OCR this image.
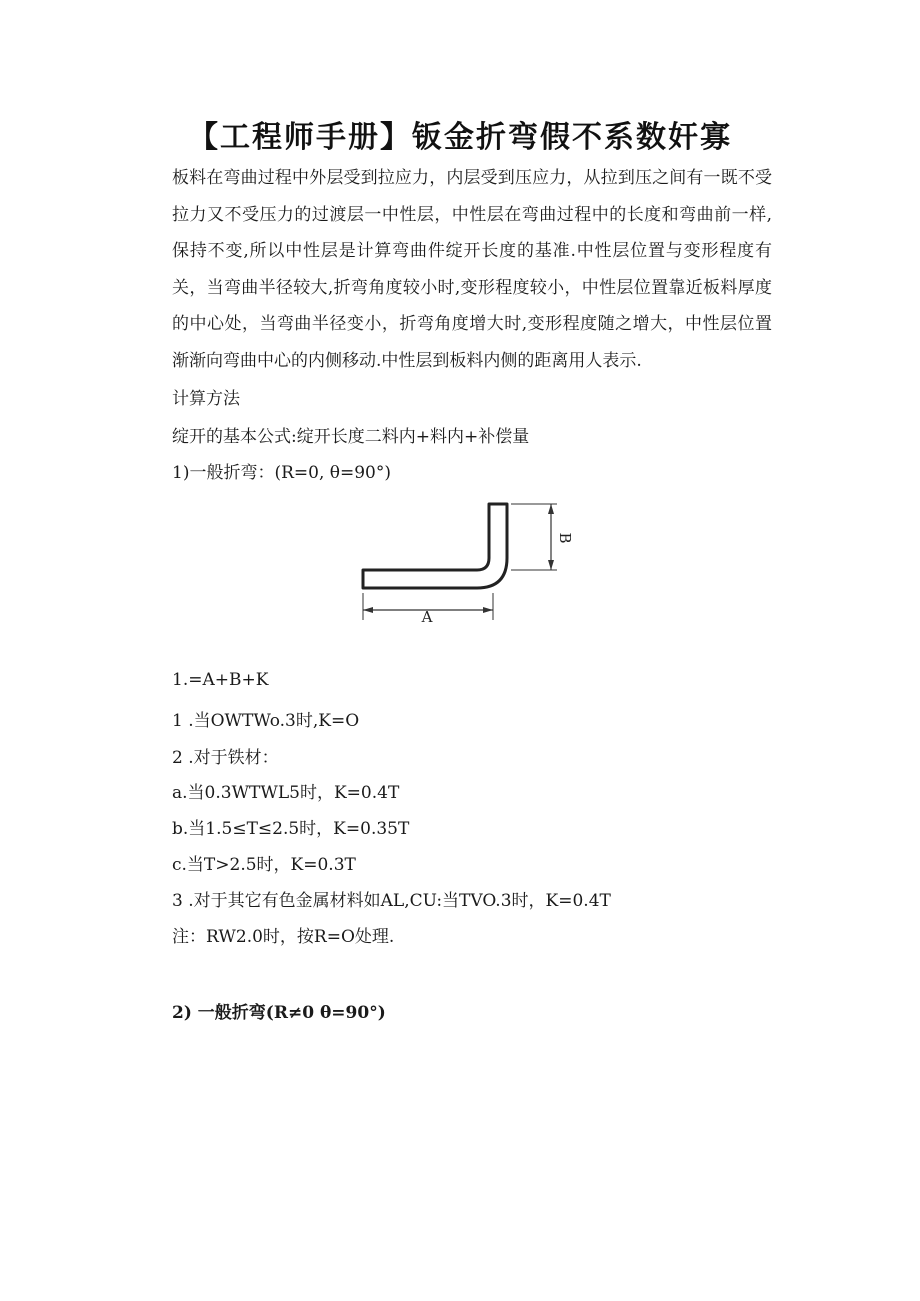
【工程师手册】钣金折弯假不系数奸寡

板料在弯曲过程中外层受到拉应力，内层受到压应力，从拉到压之间有一既不受拉力又不受压力的过渡层一中性层，中性层在弯曲过程中的长度和弯曲前一样,保持不变,所以中性层是计算弯曲件绽开长度的基准.中性层位置与变形程度有关，当弯曲半径较大,折弯角度较小时,变形程度较小，中性层位置靠近板料厚度的中心处，当弯曲半径变小，折弯角度增大时,变形程度随之增大，中性层位置渐渐向弯曲中心的内侧移动.中性层到板料内侧的距离用人表示.

计算方法
绽开的基本公式:绽开长度二料内+料内+补偿量
1)一般折弯：(R=0, θ=90°)
A
B
1.=A+B+K
1 .当OWTWo.3时,K=O
2 .对于铁材：
a.当0.3WTWL5时，K=0.4T
b.当1.5≤T≤2.5时，K=0.35T
c.当T>2.5时，K=0.3T
3 .对于其它有色金属材料如AL,CU:当TVO.3时，K=0.4T
注：RW2.0时，按R=O处理.
2) 一般折弯(R≠0 θ=90°)
